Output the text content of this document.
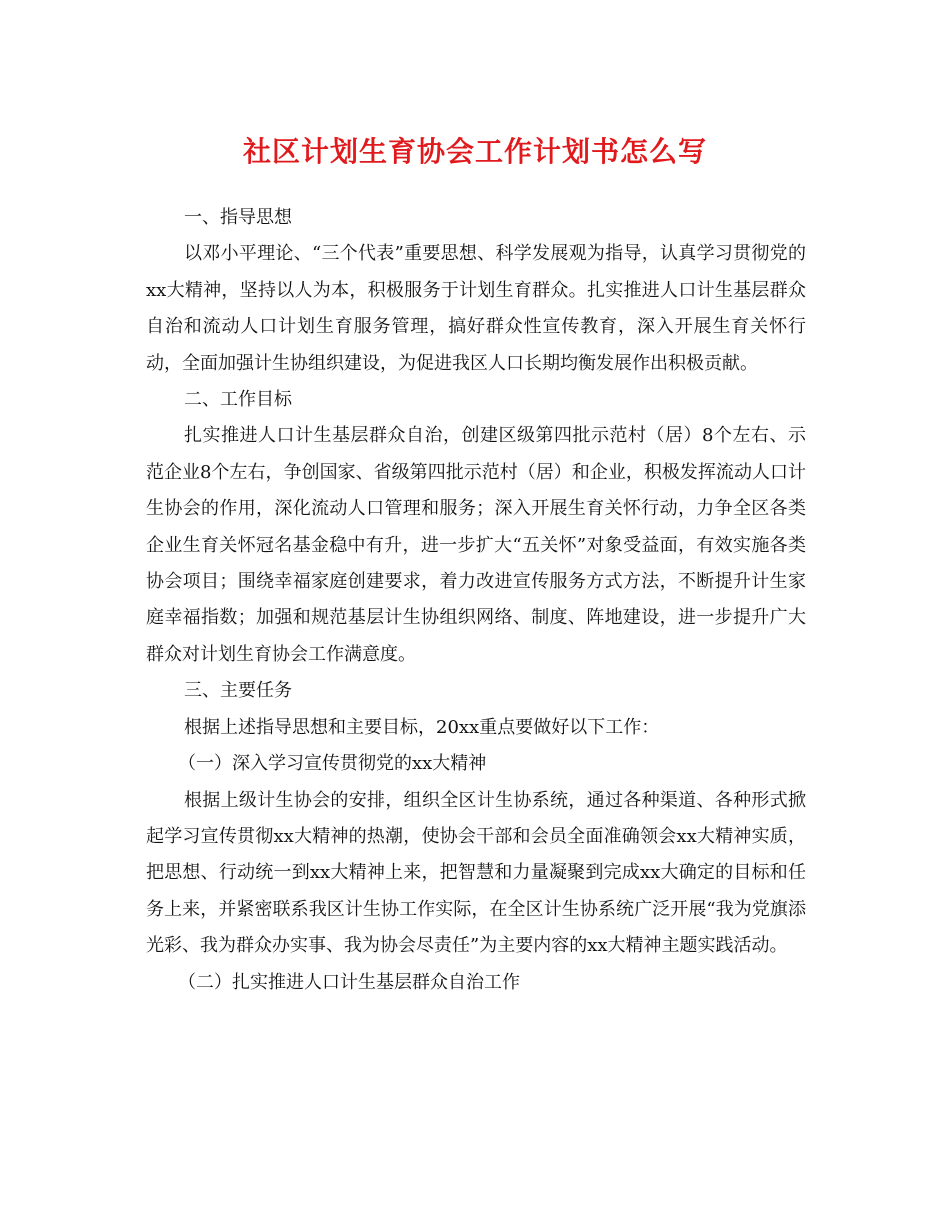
社区计划生育协会工作计划书怎么写

一、指导思想

以邓小平理论、“三个代表”重要思想、科学发展观为指导，认真学习贯彻党的xx大精神，坚持以人为本，积极服务于计划生育群众。扎实推进人口计生基层群众自治和流动人口计划生育服务管理，搞好群众性宣传教育，深入开展生育关怀行动，全面加强计生协组织建设，为促进我区人口长期均衡发展作出积极贡献。

二、工作目标

扎实推进人口计生基层群众自治，创建区级第四批示范村（居）8个左右、示范企业8个左右，争创国家、省级第四批示范村（居）和企业，积极发挥流动人口计生协会的作用，深化流动人口管理和服务；深入开展生育关怀行动，力争全区各类企业生育关怀冠名基金稳中有升，进一步扩大“五关怀”对象受益面，有效实施各类协会项目；围绕幸福家庭创建要求，着力改进宣传服务方式方法，不断提升计生家庭幸福指数；加强和规范基层计生协组织网络、制度、阵地建设，进一步提升广大群众对计划生育协会工作满意度。

三、主要任务

根据上述指导思想和主要目标，20xx重点要做好以下工作：

（一）深入学习宣传贯彻党的xx大精神

根据上级计生协会的安排，组织全区计生协系统，通过各种渠道、各种形式掀起学习宣传贯彻xx大精神的热潮，使协会干部和会员全面准确领会xx大精神实质，把思想、行动统一到xx大精神上来，把智慧和力量凝聚到完成xx大确定的目标和任务上来，并紧密联系我区计生协工作实际，在全区计生协系统广泛开展“我为党旗添光彩、我为群众办实事、我为协会尽责任”为主要内容的xx大精神主题实践活动。

（二）扎实推进人口计生基层群众自治工作
